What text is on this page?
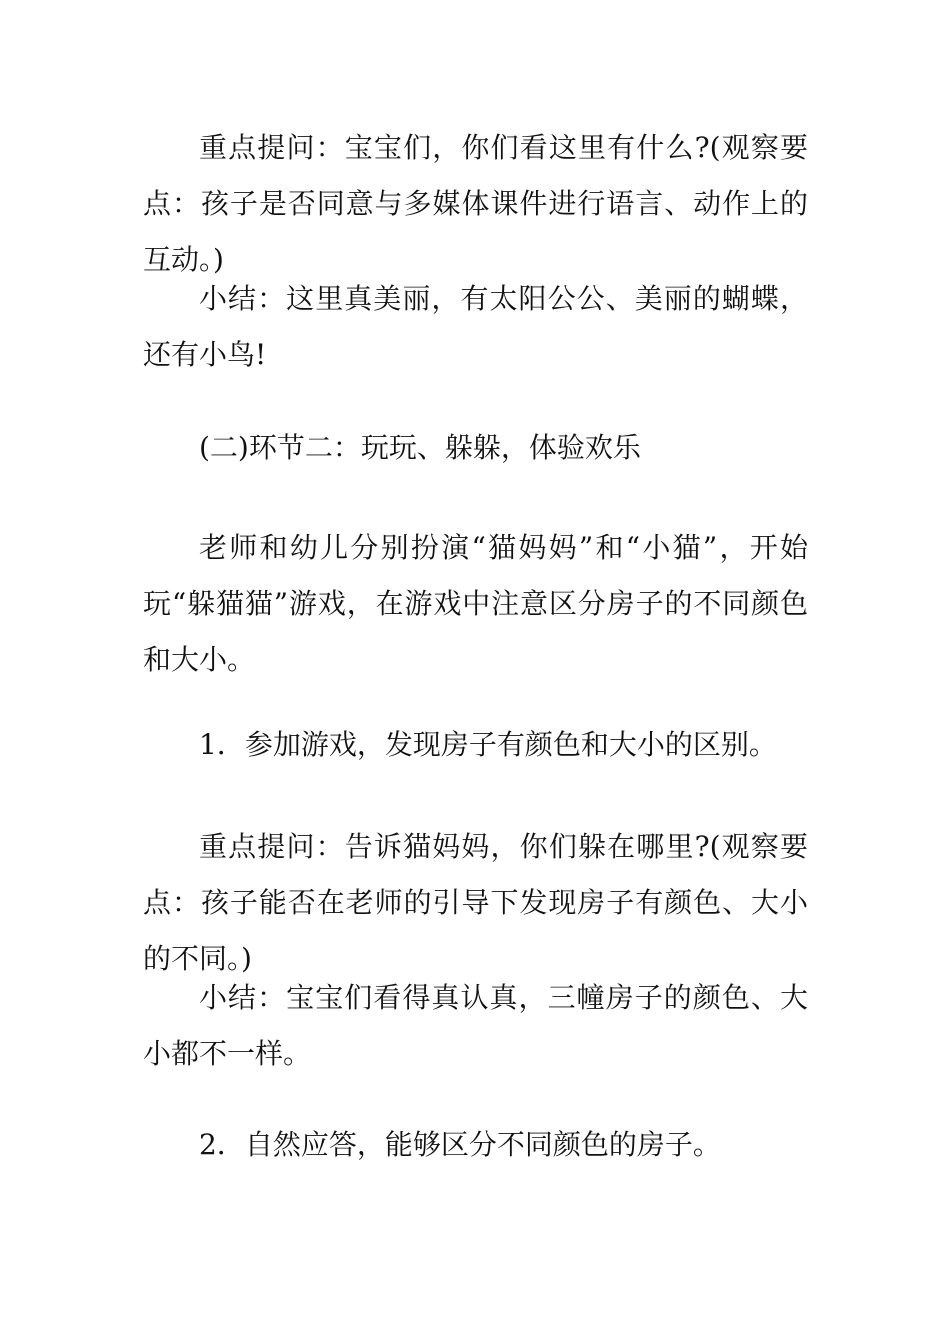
重点提问：宝宝们，你们看这里有什么?(观察要点：孩子是否同意与多媒体课件进行语言、动作上的互动。)

小结：这里真美丽，有太阳公公、美丽的蝴蝶，还有小鸟!

(二)环节二：玩玩、躲躲，体验欢乐

老师和幼儿分别扮演“猫妈妈”和“小猫”，开始玩“躲猫猫”游戏，在游戏中注意区分房子的不同颜色和大小。

1．参加游戏，发现房子有颜色和大小的区别。

重点提问：告诉猫妈妈，你们躲在哪里?(观察要点：孩子能否在老师的引导下发现房子有颜色、大小的不同。)

小结：宝宝们看得真认真，三幢房子的颜色、大小都不一样。

2．自然应答，能够区分不同颜色的房子。
